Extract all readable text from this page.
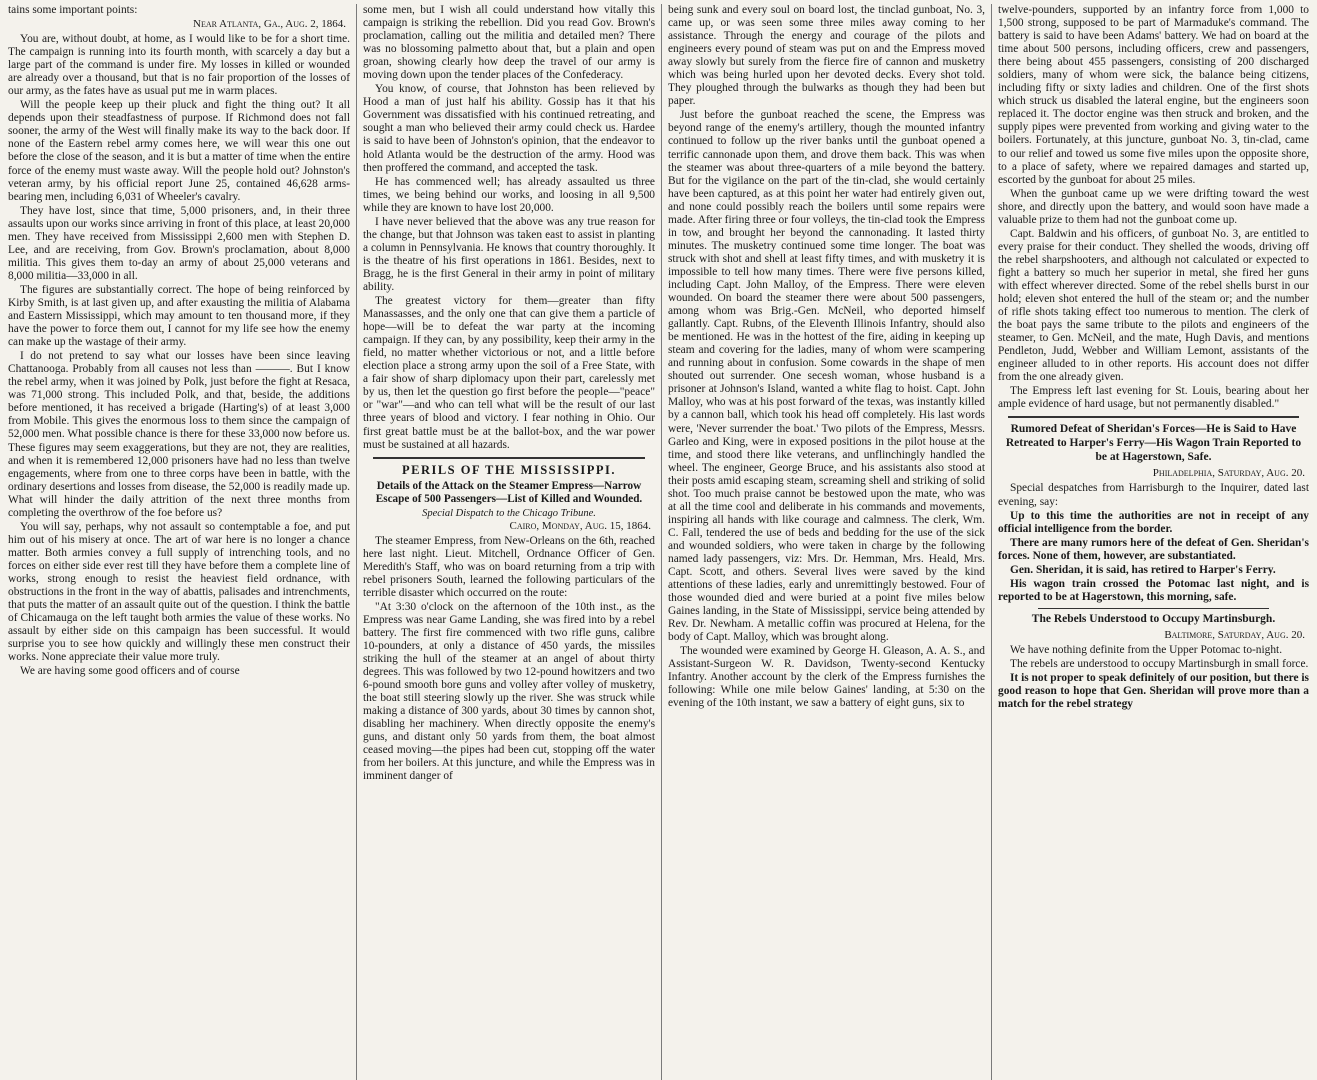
tains some important points:

Near Atlanta, Ga., Aug. 2, 1864.

You are, without doubt, at home, as I would like to be for a short time. The campaign is running into its fourth month, with scarcely a day but a large part of the command is under fire. My losses in killed or wounded are already over a thousand, but that is no fair proportion of the losses of our army, as the fates have as usual put me in warm places.

Will the people keep up their pluck and fight the thing out? It all depends upon their steadfastness of purpose. If Richmond does not fall sooner, the army of the West will finally make its way to the back door. If none of the Eastern rebel army comes here, we will wear this one out before the close of the season, and it is but a matter of time when the entire force of the enemy must waste away. Will the people hold out? Johnston's veteran army, by his official report June 25, contained 46,628 arms-bearing men, including 6,031 of Wheeler's cavalry.

They have lost, since that time, 5,000 prisoners, and, in their three assaults upon our works since arriving in front of this place, at least 20,000 men. They have received from Mississippi 2,600 men with Stephen D. Lee, and are receiving, from Gov. Brown's proclamation, about 8,000 militia. This gives them to-day an army of about 25,000 veterans and 8,000 militia—33,000 in all.

The figures are substantially correct. The hope of being reinforced by Kirby Smith, is at last given up, and after exausting the militia of Alabama and Eastern Mississippi, which may amount to ten thousand more, if they have the power to force them out, I cannot for my life see how the enemy can make up the wastage of their army.

I do not pretend to say what our losses have been since leaving Chattanooga. Probably from all causes not less than ———. But I know the rebel army, when it was joined by Polk, just before the fight at Resaca, was 71,000 strong. This included Polk, and that, beside, the additions before mentioned, it has received a brigade (Harting's) of at least 3,000 from Mobile. This gives the enormous loss to them since the campaign of 52,000 men. What possible chance is there for these 33,000 now before us. These figures may seem exaggerations, but they are not, they are realities, and when it is remembered 12,000 prisoners have had no less than twelve engagements, where from one to three corps have been in battle, with the ordinary desertions and losses from disease, the 52,000 is readily made up. What will hinder the daily attrition of the next three months from completing the overthrow of the foe before us?

You will say, perhaps, why not assault so contemptable a foe, and put him out of his misery at once. The art of war here is no longer a chance matter. Both armies convey a full supply of intrenching tools, and no forces on either side ever rest till they have before them a complete line of works, strong enough to resist the heaviest field ordnance, with obstructions in the front in the way of abattis, palisades and intrenchments, that puts the matter of an assault quite out of the question. I think the battle of Chicamauga on the left taught both armies the value of these works. No assault by either side on this campaign has been successful. It would surprise you to see how quickly and willingly these men construct their works. None appreciate their value more truly.

We are having some good officers and of course

some men, but I wish all could understand how vitally this campaign is striking the rebellion. Did you read Gov. Brown's proclamation, calling out the militia and detailed men? There was no blossoming palmetto about that, but a plain and open groan, showing clearly how deep the travel of our army is moving down upon the tender places of the Confederacy.

You know, of course, that Johnston has been relieved by Hood a man of just half his ability. Gossip has it that his Government was dissatisfied with his continued retreating, and sought a man who believed their army could check us. Hardee is said to have been of Johnston's opinion, that the endeavor to hold Atlanta would be the destruction of the army. Hood was then proffered the command, and accepted the task.

He has commenced well; has already assaulted us three times, we being behind our works, and loosing in all 9,500 while they are known to have lost 20,000.

I have never believed that the above was any true reason for the change, but that Johnson was taken east to assist in planting a column in Pennsylvania. He knows that country thoroughly. It is the theatre of his first operations in 1861. Besides, next to Bragg, he is the first General in their army in point of military ability.

The greatest victory for them—greater than fifty Manassasses, and the only one that can give them a particle of hope—will be to defeat the war party at the incoming campaign. If they can, by any possibility, keep their army in the field, no matter whether victorious or not, and a little before election place a strong army upon the soil of a Free State, with a fair show of sharp diplomacy upon their part, carelessly met by us, then let the question go first before the people—"peace" or "war"—and who can tell what will be the result of our last three years of blood and victory. I fear nothing in Ohio. Our first great battle must be at the ballot-box, and the war power must be sustained at all hazards.

PERILS OF THE MISSISSIPPI.
Details of the Attack on the Steamer Empress—Narrow Escape of 500 Passengers—List of Killed and Wounded.
Special Dispatch to the Chicago Tribune.
Cairo, Monday, Aug. 15, 1864.

The steamer Empress, from New-Orleans on the 6th, reached here last night. Lieut. Mitchell, Ordnance Officer of Gen. Meredith's Staff, who was on board returning from a trip with rebel prisoners South, learned the following particulars of the terrible disaster which occurred on the route:

"At 3:30 o'clock on the afternoon of the 10th inst., as the Empress was near Game Landing, she was fired into by a rebel battery. The first fire commenced with two rifle guns, calibre 10-pounders, at only a distance of 450 yards, the missiles striking the hull of the steamer at an angel of about thirty degrees. This was followed by two 12-pound howitzers and two 6-pound smooth bore guns and volley after volley of musketry, the boat still steering slowly up the river. She was struck while making a distance of 300 yards, about 30 times by cannon shot, disabling her machinery. When directly opposite the enemy's guns, and distant only 50 yards from them, the boat almost ceased moving—the pipes had been cut, stopping off the water from her boilers. At this juncture, and while the Empress was in imminent danger of

being sunk and every soul on board lost, the tinclad gunboat, No. 3, came up, or was seen some three miles away coming to her assistance. Through the energy and courage of the pilots and engineers every pound of steam was put on and the Empress moved away slowly but surely from the fierce fire of cannon and musketry which was being hurled upon her devoted decks. Every shot told. They ploughed through the bulwarks as though they had been but paper.

Just before the gunboat reached the scene, the Empress was beyond range of the enemy's artillery, though the mounted infantry continued to follow up the river banks until the gunboat opened a terrific cannonade upon them, and drove them back. This was when the steamer was about three-quarters of a mile beyond the battery. But for the vigilance on the part of the tin-clad, she would certainly have been captured, as at this point her water had entirely given out, and none could possibly reach the boilers until some repairs were made. After firing three or four volleys, the tin-clad took the Empress in tow, and brought her beyond the cannonading. It lasted thirty minutes. The musketry continued some time longer. The boat was struck with shot and shell at least fifty times, and with musketry it is impossible to tell how many times. There were five persons killed, including Capt. John Malloy, of the Empress. There were eleven wounded. On board the steamer there were about 500 passengers, among whom was Brig.-Gen. McNeil, who deported himself gallantly. Capt. Rubns, of the Eleventh Illinois Infantry, should also be mentioned. He was in the hottest of the fire, aiding in keeping up steam and covering for the ladies, many of whom were scampering and running about in confusion. Some cowards in the shape of men shouted out surrender. One secesh woman, whose husband is a prisoner at Johnson's Island, wanted a white flag to hoist. Capt. John Malloy, who was at his post forward of the texas, was instantly killed by a cannon ball, which took his head off completely. His last words were, 'Never surrender the boat.' Two pilots of the Empress, Messrs. Garleo and King, were in exposed positions in the pilot house at the time, and stood there like veterans, and unflinchingly handled the wheel. The engineer, George Bruce, and his assistants also stood at their posts amid escaping steam, screaming shell and striking of solid shot. Too much praise cannot be bestowed upon the mate, who was at all the time cool and deliberate in his commands and movements, inspiring all hands with like courage and calmness. The clerk, Wm. C. Fall, tendered the use of beds and bedding for the use of the sick and wounded soldiers, who were taken in charge by the following named lady passengers, viz: Mrs. Dr. Hemman, Mrs. Heald, Mrs. Capt. Scott, and others. Several lives were saved by the kind attentions of these ladies, early and unremittingly bestowed. Four of those wounded died and were buried at a point five miles below Gaines landing, in the State of Mississippi, service being attended by Rev. Dr. Newham. A metallic coffin was procured at Helena, for the body of Capt. Malloy, which was brought along.

The wounded were examined by George H. Gleason, A. A. S., and Assistant-Surgeon W. R. Davidson, Twenty-second Kentucky Infantry. Another account by the clerk of the Empress furnishes the following: While one mile below Gaines' landing, at 5:30 on the evening of the 10th instant, we saw a battery of eight guns, six to

twelve-pounders, supported by an infantry force from 1,000 to 1,500 strong, supposed to be part of Marmaduke's command. The battery is said to have been Adams' battery. We had on board at the time about 500 persons, including officers, crew and passengers, there being about 455 passengers, consisting of 200 discharged soldiers, many of whom were sick, the balance being citizens, including fifty or sixty ladies and children. One of the first shots which struck us disabled the lateral engine, but the engineers soon replaced it. The doctor engine was then struck and broken, and the supply pipes were prevented from working and giving water to the boilers. Fortunately, at this juncture, gunboat No. 3, tin-clad, came to our relief and towed us some five miles upon the opposite shore, to a place of safety, where we repaired damages and started up, escorted by the gunboat for about 25 miles.

When the gunboat came up we were drifting toward the west shore, and directly upon the battery, and would soon have made a valuable prize to them had not the gunboat come up.

Capt. Baldwin and his officers, of gunboat No. 3, are entitled to every praise for their conduct. They shelled the woods, driving off the rebel sharpshooters, and although not calculated or expected to fight a battery so much her superior in metal, she fired her guns with effect wherever directed. Some of the rebel shells burst in our hold; eleven shot entered the hull of the steam or; and the number of rifle shots taking effect too numerous to mention. The clerk of the boat pays the same tribute to the pilots and engineers of the steamer, to Gen. McNeil, and the mate, Hugh Davis, and mentions Pendleton, Judd, Webber and William Lemont, assistants of the engineer alluded to in other reports. His account does not differ from the one already given.

The Empress left last evening for St. Louis, bearing about her ample evidence of hard usage, but not permanently disabled."

Rumored Defeat of Sheridan's Forces—He is Said to Have Retreated to Harper's Ferry—His Wagon Train Reported to be at Hagerstown, Safe.
Philadelphia, Saturday, Aug. 20.

Special despatches from Harrisburgh to the Inquirer, dated last evening, say:

Up to this time the authorities are not in receipt of any official intelligence from the border.

There are many rumors here of the defeat of Gen. Sheridan's forces. None of them, however, are substantiated.

Gen. Sheridan, it is said, has retired to Harper's Ferry.

His wagon train crossed the Potomac last night, and is reported to be at Hagerstown, this morning, safe.

The Rebels Understood to Occupy Martinsburgh.
Baltimore, Saturday, Aug. 20.

We have nothing definite from the Upper Potomac to-night.

The rebels are understood to occupy Martinsburgh in small force.

It is not proper to speak definitely of our position, but there is good reason to hope that Gen. Sheridan will prove more than a match for the rebel strategy
